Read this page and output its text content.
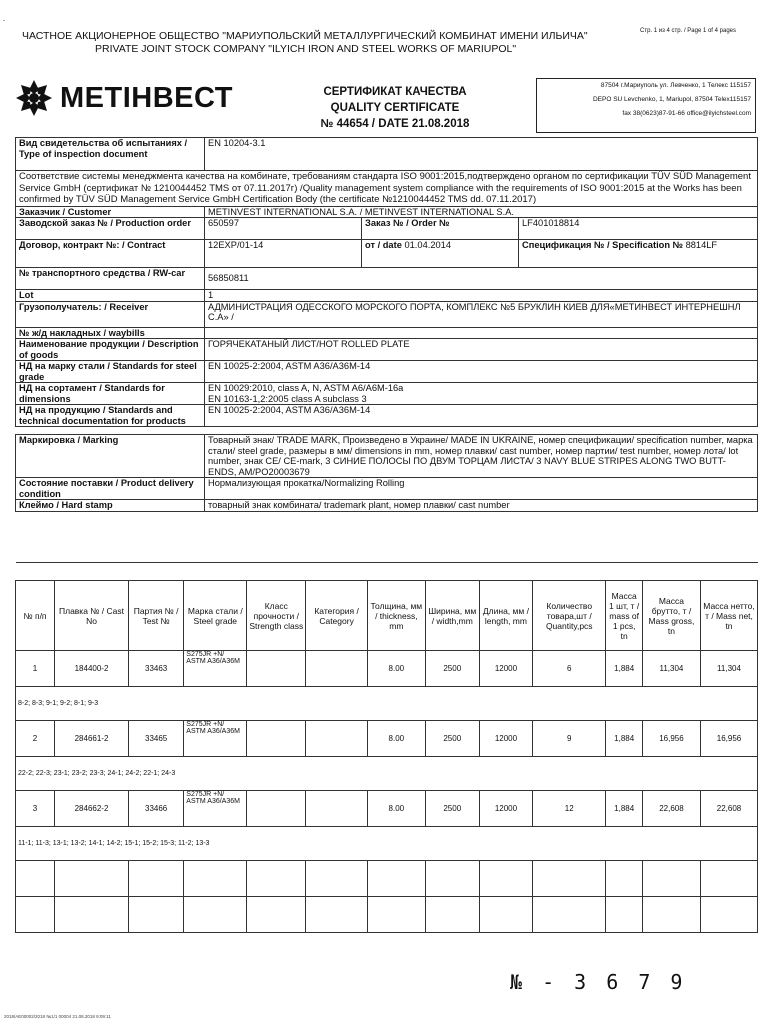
-
ЧАСТНОЕ АКЦИОНЕРНОЕ ОБЩЕСТВО "МАРИУПОЛЬСКИЙ МЕТАЛЛУРГИЧЕСКИЙ КОМБИНАТ ИМЕНИ ИЛЬИЧА"
PRIVATE JOINT STOCK COMPANY "ILYICH IRON AND STEEL WORKS OF MARIUPOL"
Стр. 1 из 4 стр. / Page 1 of 4 pages
МЕТІНВЕСТ	СЕРТИФИКАТ КАЧЕСТВА
QUALITY CERTIFICATE
№ 44654 / DATE 21.08.2018
87504 г.Мариуполь ул. Левченко, 1 Телекс 115157
DEPO SU Levchenko, 1, Mariupol, 87504 Telex115157
fax 38(0623)87-91-66 office@ilyichsteel.com
Вид свидетельства об испытаниях / Type of inspection document	EN 10204-3.1		
Соответствие системы менеджмента качества на комбинате, требованиям стандарта ISO 9001:2015,подтверждено органом по сертификации TÜV SÜD Management Service GmbH (сертификат № 1210044452 TMS от 07.11.2017г) /Quality management system compliance with the requirements of ISO 9001:2015 at the Works has been confirmed by TÜV SÜD Management Service GmbH Certification Body (the certificate №1210044452 TMS dd. 07.11.2017)			
Заказчик / Customer	METINVEST INTERNATIONAL S.A. / METINVEST INTERNATIONAL S.A.		
Заводской заказ № / Production order	650597	Заказ № / Order №	LF401018814
Договор, контракт №: / Contract	12EXP/01-14	от / date 01.04.2014	Спецификация № / Specification № 8814LF
№ транспортного средства / RW-car	56850811		
Lot	1		
Грузополучатель: / Receiver	АДМИНИСТРАЦИЯ ОДЕССКОГО МОРСКОГО ПОРТА, КОМПЛЕКС №5 БРУКЛИН КИЕВ ДЛЯ«МЕТИНВЕСТ ИНТЕРНЕШНЛ С.А» /		
№ ж/д накладных / waybills			
Наименование продукции / Description of goods	ГОРЯЧЕКАТАНЫЙ ЛИСТ/HOT ROLLED PLATE		
НД на марку стали / Standards for steel grade	EN 10025-2:2004, ASTM A36/A36M-14		
НД на сортамент / Standards for dimensions	EN 10029:2010, class A, N, ASTM A6/A6M-16a
EN 10163-1,2:2005 class A subclass 3		

НД на продукцию / Standards and technical documentation for products	EN 10025-2:2004, ASTM A36/A36M-14		

Маркировка / Marking	Товарный знак/ TRADE MARK, Произведено в Украине/ MADE IN UKRAINE, номер спецификации/ specification number, марка стали/ steel grade, размеры в мм/ dimensions in mm, номер плавки/ cast number, номер партии/ test number, номер лота/ lot number, знак CE/ CE-mark, 3 СИНИЕ ПОЛОСЫ ПО ДВУМ ТОРЦАМ ЛИСТА/ 3 NAVY BLUE STRIPES ALONG TWO BUTT-ENDS, AM/PO20003679		
Состояние поставки / Product delivery condition	Нормализующая прокатка/Normalizing Rolling		
Клеймо / Hard stamp	товарный знак комбината/ trademark plant, номер плавки/ cast number		

№ п/п	Плавка № / Cast No	Партия № / Test №	Марка стали / Steel grade	Класс прочности / Strength class	Категория / Category	Толщина, мм / thickness, mm	Ширина, мм / width,mm	Длина, мм / length, mm	Количество товара,шт / Quantity,pcs	Масса 1 шт, т / mass of 1 pcs, tn	Масса брутто, т / Mass gross, tn	Масса нетто, т / Mass net, tn
1	184400-2	33463	S275JR +N/ ASTM A36/A36M			8.00	2500	12000	6	1,884	11,304	11,304
8-2; 8-3; 9-1; 9-2; 8-1; 9-3												
2	284661-2	33465	S275JR +N/ ASTM A36/A36M			8.00	2500	12000	9	1,884	16,956	16,956
22-2; 22-3; 23-1; 23-2; 23-3; 24-1; 24-2; 22-1; 24-3												
3	284662-2	33466	S275JR +N/ ASTM A36/A36M			8.00	2500	12000	12	1,884	22,608	22,608
11-1; 11-3; 13-1; 13-2; 14-1; 14-2; 15-1; 15-2; 15-3; 11-2; 13-3												

№ - 3 6 7 9
2018/АЕ00002/2018 №1/1 00004 21.08.2018 9:09:11
